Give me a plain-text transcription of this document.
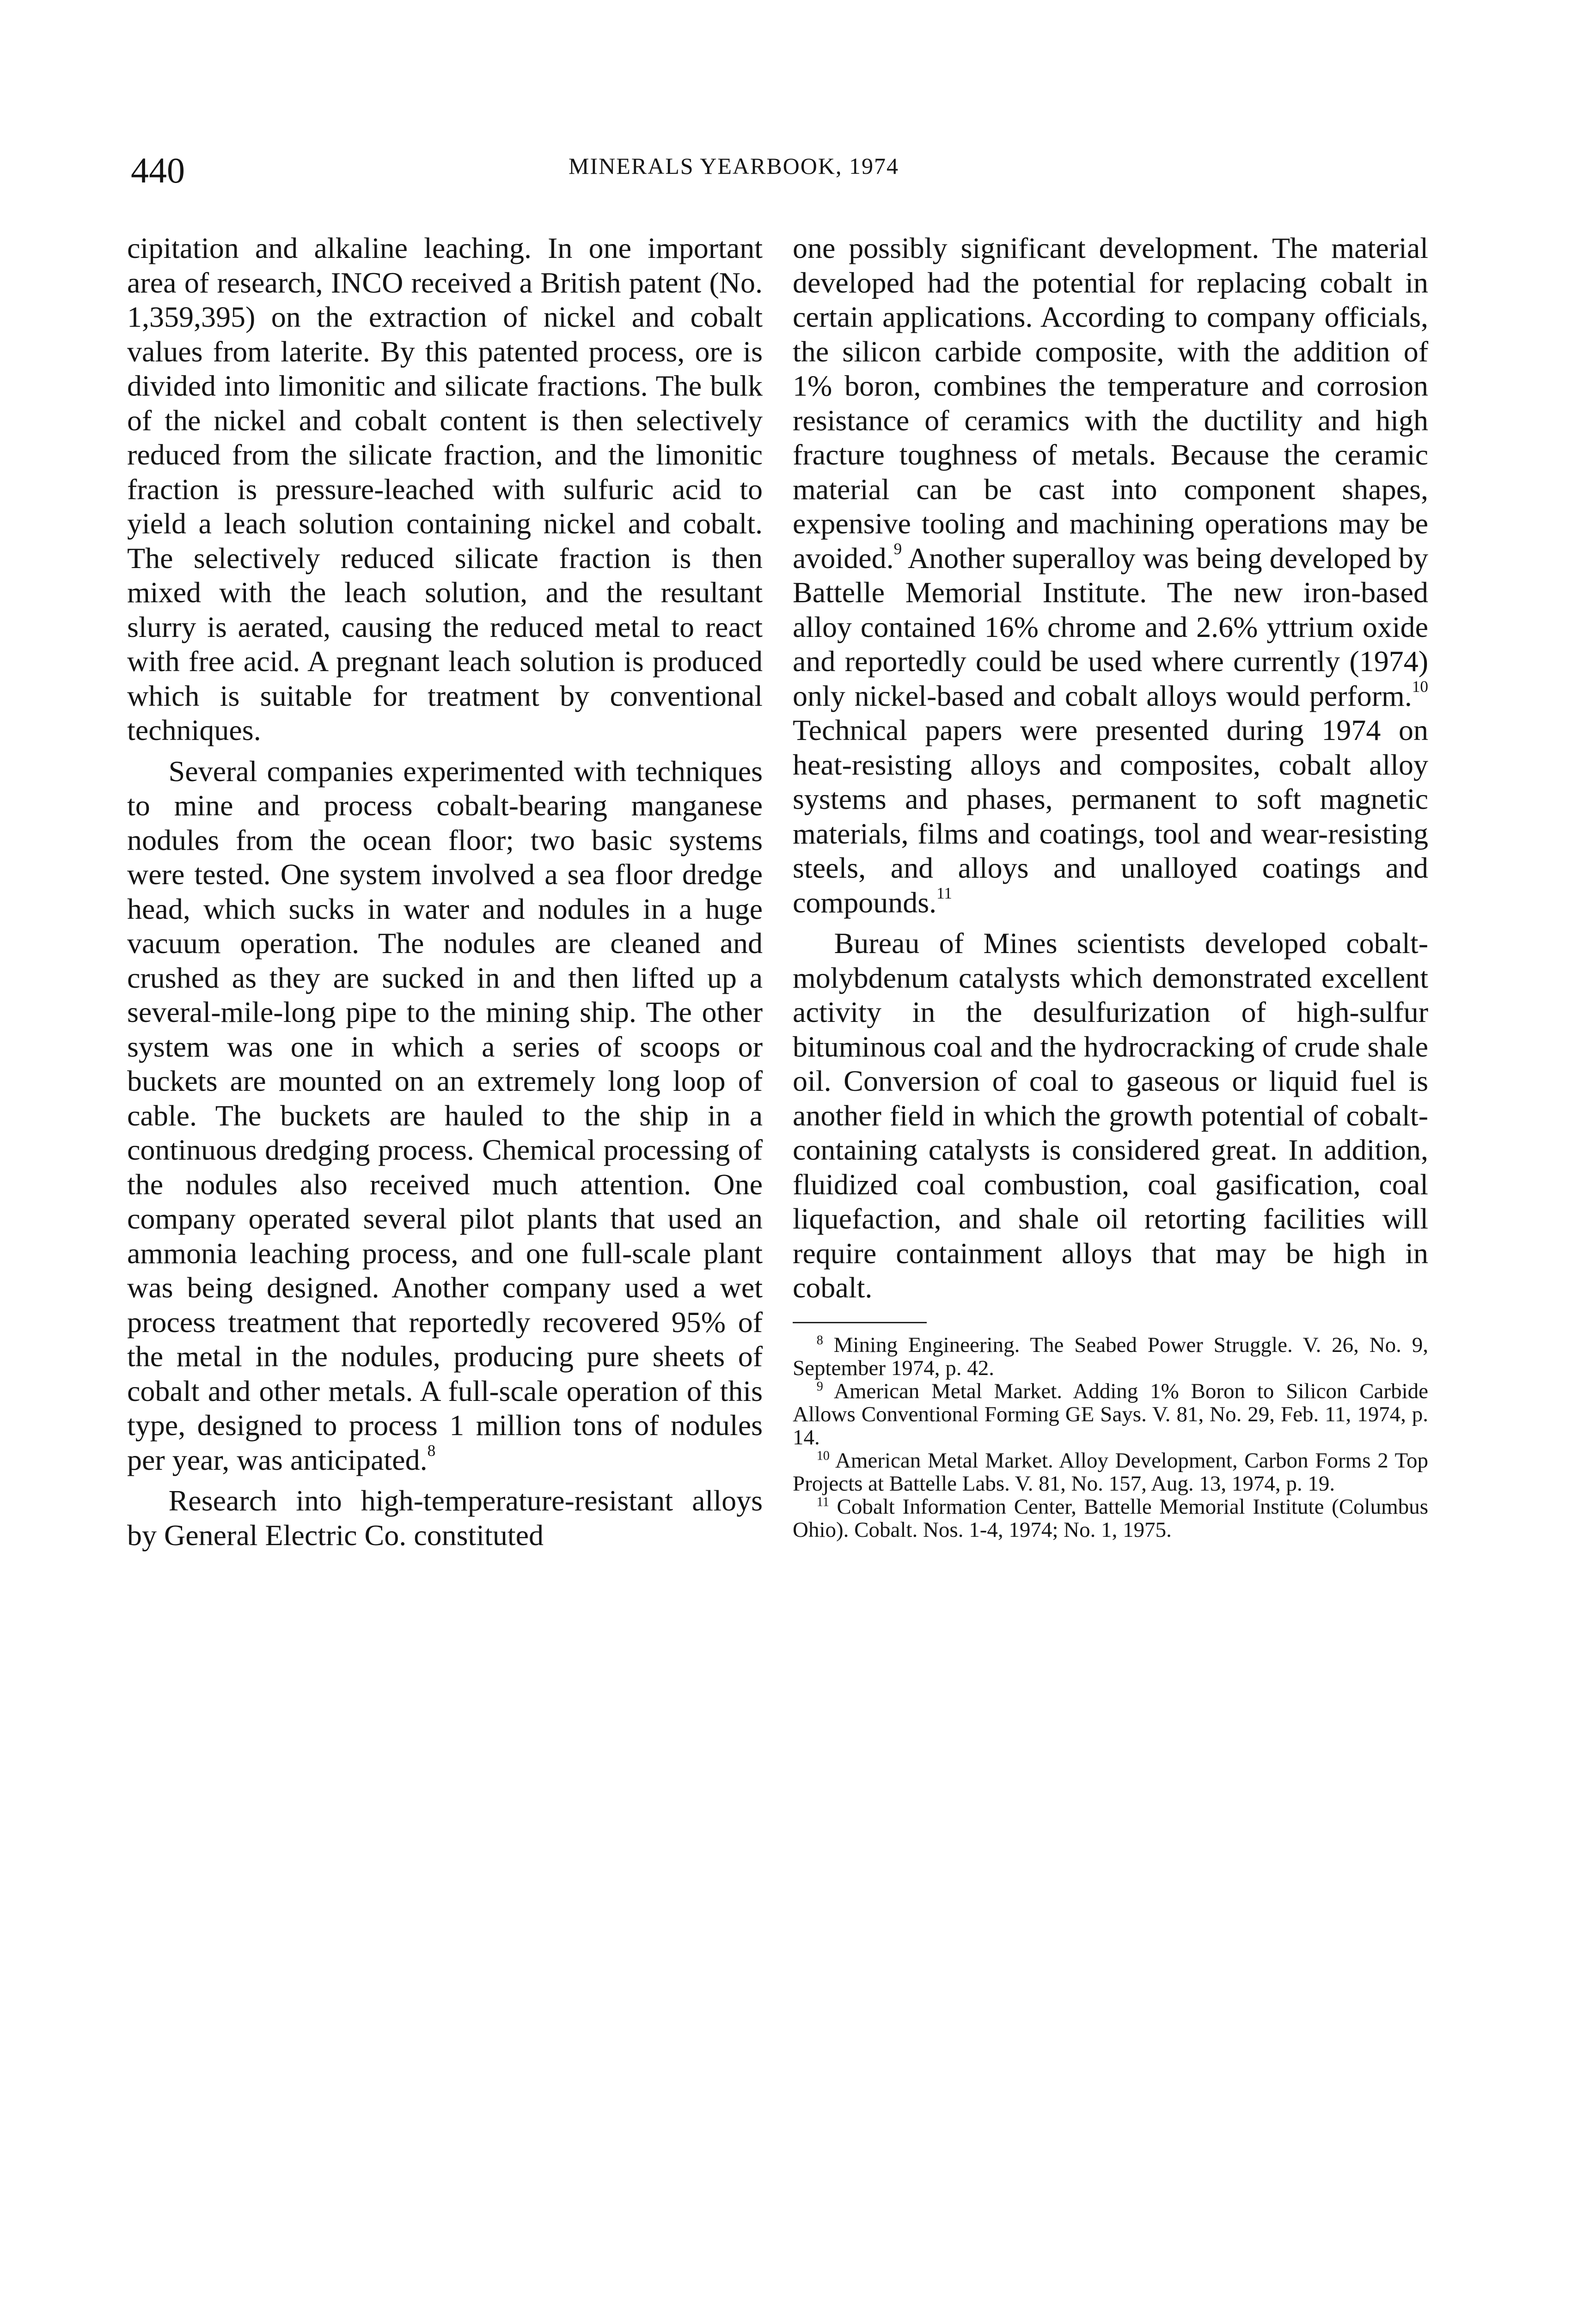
440	MINERALS YEARBOOK, 1974

cipitation and alkaline leaching. In one important area of research, INCO received a British patent (No. 1,359,395) on the extraction of nickel and cobalt values from laterite. By this patented process, ore is divided into limonitic and silicate fractions. The bulk of the nickel and cobalt content is then selectively reduced from the silicate fraction, and the limonitic fraction is pressure-leached with sulfuric acid to yield a leach solution containing nickel and cobalt. The selectively reduced silicate fraction is then mixed with the leach solution, and the resultant slurry is aerated, causing the reduced metal to react with free acid. A pregnant leach solution is produced which is suitable for treatment by conventional techniques.

Several companies experimented with techniques to mine and process cobalt-bearing manganese nodules from the ocean floor; two basic systems were tested. One system involved a sea floor dredge head, which sucks in water and nodules in a huge vacuum operation. The nodules are cleaned and crushed as they are sucked in and then lifted up a several-mile-long pipe to the mining ship. The other system was one in which a series of scoops or buckets are mounted on an extremely long loop of cable. The buckets are hauled to the ship in a continuous dredging process. Chemical processing of the nodules also received much attention. One company operated several pilot plants that used an ammonia leaching process, and one full-scale plant was being designed. Another company used a wet process treatment that reportedly recovered 95% of the metal in the nodules, producing pure sheets of cobalt and other metals. A full-scale operation of this type, designed to process 1 million tons of nodules per year, was anticipated.$^8$

Research into high-temperature-resistant alloys by General Electric Co. constituted

one possibly significant development. The material developed had the potential for replacing cobalt in certain applications. According to company officials, the silicon carbide composite, with the addition of 1% boron, combines the temperature and corrosion resistance of ceramics with the ductility and high fracture toughness of metals. Because the ceramic material can be cast into component shapes, expensive tooling and machining operations may be avoided.$^9$ Another superalloy was being developed by Battelle Memorial Institute. The new iron-based alloy contained 16% chrome and 2.6% yttrium oxide and reportedly could be used where currently (1974) only nickel-based and cobalt alloys would perform.$^{10}$ Technical papers were presented during 1974 on heat-resisting alloys and composites, cobalt alloy systems and phases, permanent to soft magnetic materials, films and coatings, tool and wear-resisting steels, and alloys and unalloyed coatings and compounds.$^{11}$

Bureau of Mines scientists developed cobalt-molybdenum catalysts which demonstrated excellent activity in the desulfurization of high-sulfur bituminous coal and the hydrocracking of crude shale oil. Conversion of coal to gaseous or liquid fuel is another field in which the growth potential of cobalt-containing catalysts is considered great. In addition, fluidized coal combustion, coal gasification, coal liquefaction, and shale oil retorting facilities will require containment alloys that may be high in cobalt.

$^8$ Mining Engineering. The Seabed Power Struggle. V. 26, No. 9, September 1974, p. 42.

$^9$ American Metal Market. Adding 1% Boron to Silicon Carbide Allows Conventional Forming GE Says. V. 81, No. 29, Feb. 11, 1974, p. 14.

$^{10}$ American Metal Market. Alloy Development, Carbon Forms 2 Top Projects at Battelle Labs. V. 81, No. 157, Aug. 13, 1974, p. 19.

$^{11}$ Cobalt Information Center, Battelle Memorial Institute (Columbus Ohio). Cobalt. Nos. 1-4, 1974; No. 1, 1975.
